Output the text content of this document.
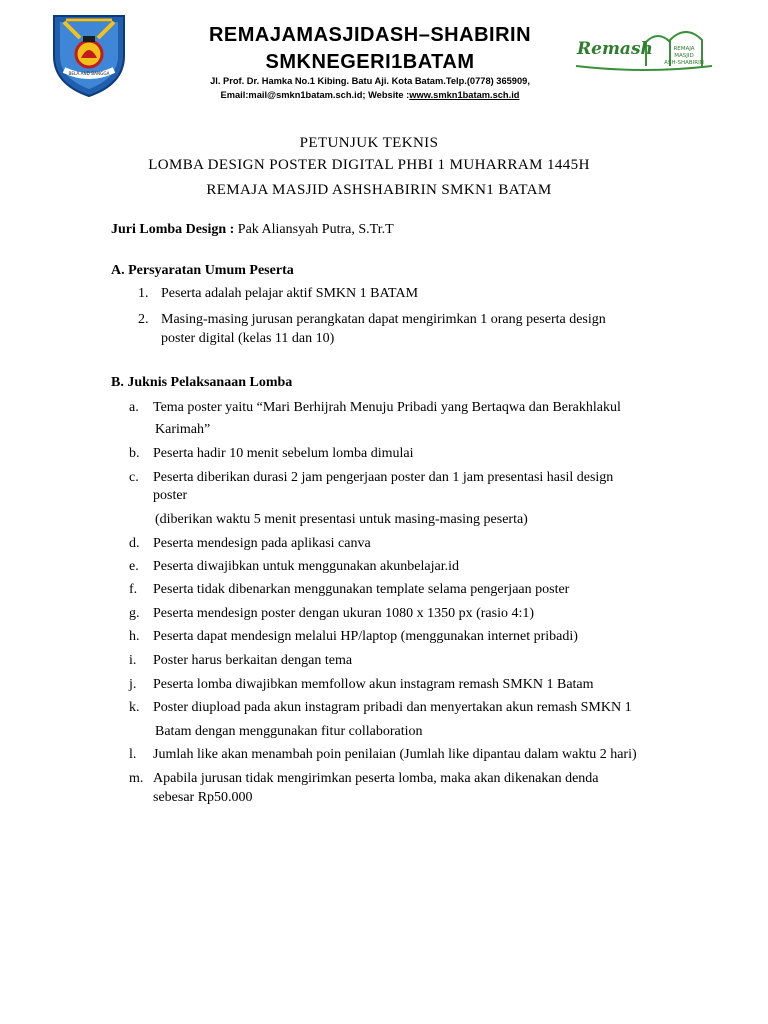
BELA AND BANGGA
REMAJAMASJIDASH–SHABIRIN
SMKNEGERI1BATAM
Jl. Prof. Dr. Hamka No.1 Kibing. Batu Aji. Kota Batam.Telp.(0778) 365909,
Email:mail@smkn1batam.sch.id; Website :www.smkn1batam.sch.id
Remash	REMAJA
MASJID
ASH-SHABIRIN
PETUNJUK TEKNIS
LOMBA DESIGN POSTER DIGITAL PHBI 1 MUHARRAM 1445H
REMAJA MASJID ASHSHABIRIN SMKN1 BATAM
Juri Lomba Design : Pak Aliansyah Putra, S.Tr.T
A. Persyaratan Umum Peserta
1. Peserta adalah pelajar aktif SMKN 1 BATAM
2. Masing-masing jurusan perangkatan dapat mengirimkan 1 orang peserta design
poster digital (kelas 11 dan 10)
B. Juknis Pelaksanaan Lomba
a. Tema poster yaitu “Mari Berhijrah Menuju Pribadi yang Bertaqwa dan Berakhlakul
Karimah”
b. Peserta hadir 10 menit sebelum lomba dimulai
c. Peserta diberikan durasi 2 jam pengerjaan poster dan 1 jam presentasi hasil design
poster
(diberikan waktu 5 menit presentasi untuk masing-masing peserta)
d. Peserta mendesign pada aplikasi canva
e. Peserta diwajibkan untuk menggunakan akunbelajar.id
f. Peserta tidak dibenarkan menggunakan template selama pengerjaan poster
g. Peserta mendesign poster dengan ukuran 1080 x 1350 px (rasio 4:1)
h. Peserta dapat mendesign melalui HP/laptop (menggunakan internet pribadi)
i. Poster harus berkaitan dengan tema
j. Peserta lomba diwajibkan memfollow akun instagram remash SMKN 1 Batam
k. Poster diupload pada akun instagram pribadi dan menyertakan akun remash SMKN 1
Batam dengan menggunakan fitur collaboration
l. Jumlah like akan menambah poin penilaian (Jumlah like dipantau dalam waktu 2 hari)
m. Apabila jurusan tidak mengirimkan peserta lomba, maka akan dikenakan denda
sebesar Rp50.000
